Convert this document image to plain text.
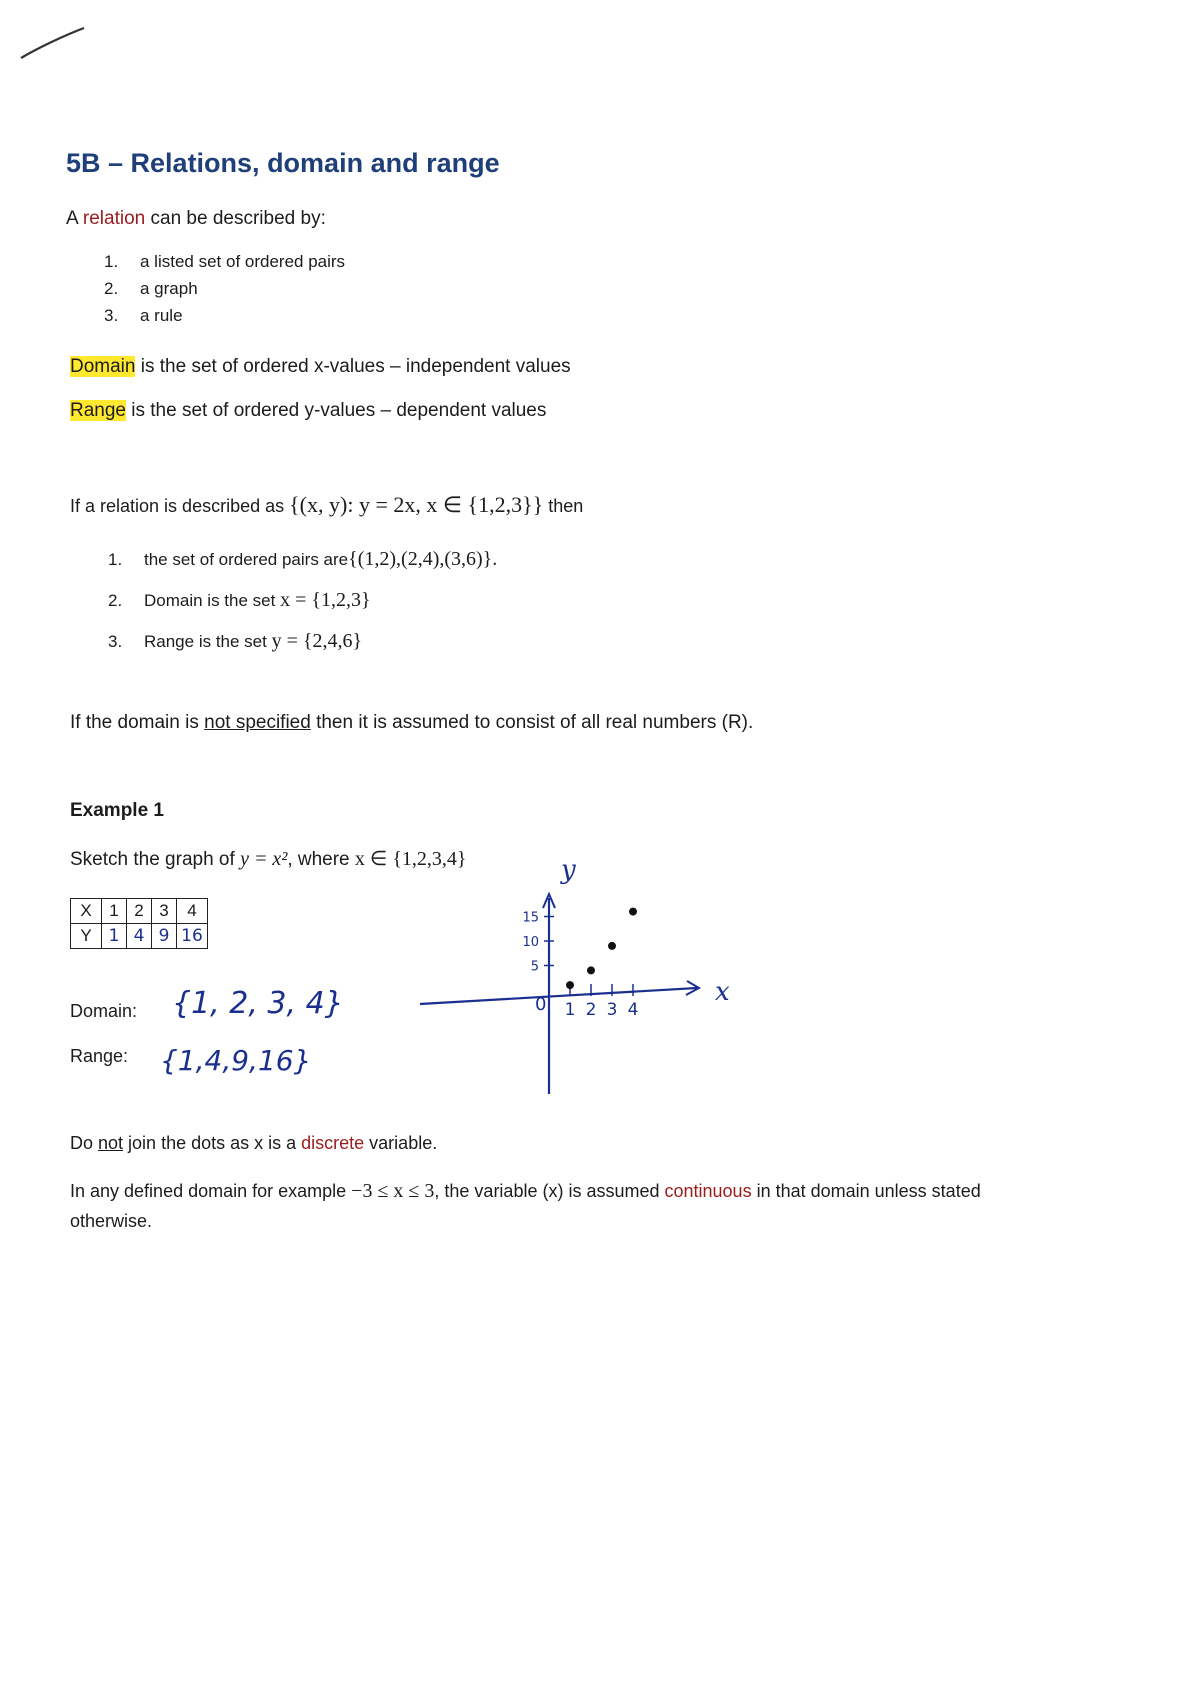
5B – Relations, domain and range
A relation can be described by:
1. a listed set of ordered pairs
2. a graph
3. a rule
Domain is the set of ordered x-values – independent values
Range is the set of ordered y-values – dependent values
If a relation is described as {(x, y): y = 2x, x ∈ {1,2,3}} then
1. the set of ordered pairs are{(1,2),(2,4),(3,6)}.
2. Domain is the set x = {1,2,3}
3. Range is the set y = {2,4,6}
If the domain is not specified then it is assumed to consist of all real numbers (R).
Example 1
Sketch the graph of y = x², where x ∈ {1,2,3,4}
X	1	2	3	4
Y	1	4	9	16
Domain: {1, 2, 3, 4}
Range: {1,4,9,16}
x
y
0 1 2 3 4
5
10
15
Do not join the dots as x is a discrete variable.
In any defined domain for example −3 ≤ x ≤ 3, the variable (x) is assumed continuous in that domain unless stated
otherwise.
